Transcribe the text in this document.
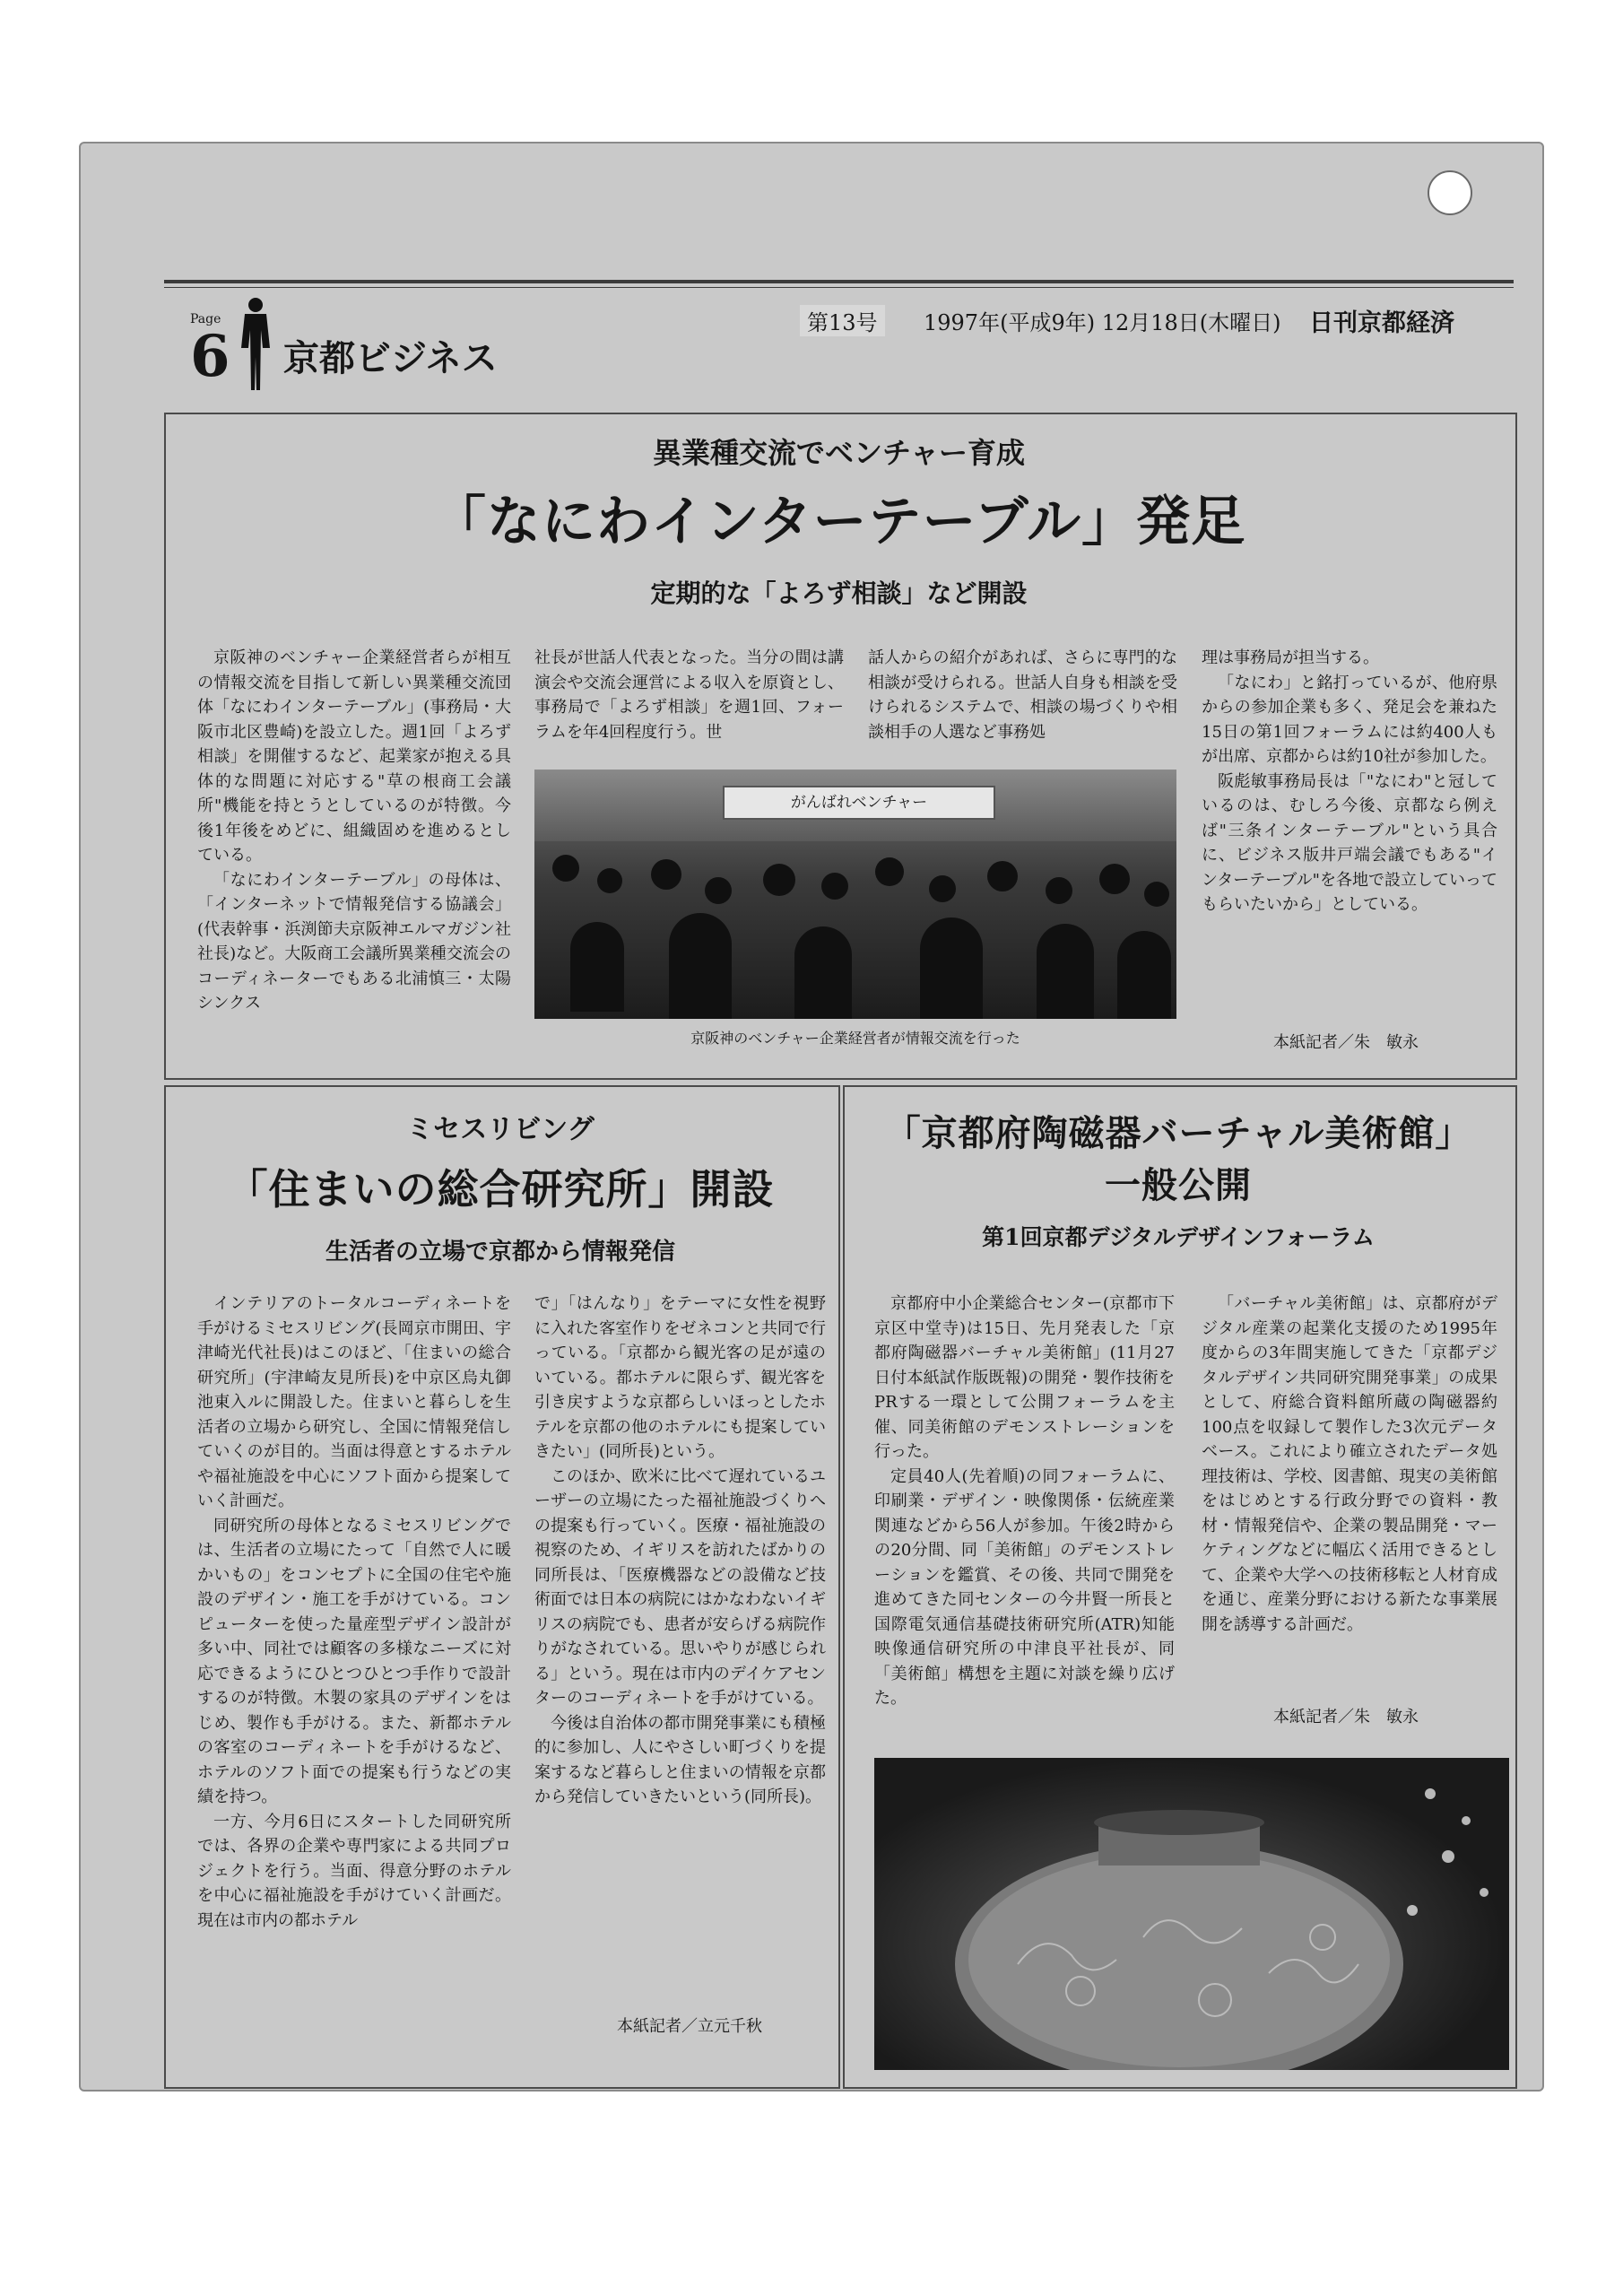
Page
6 京都ビジネス
第13号	1997年(平成9年) 12月18日(木曜日) 日刊京都経済
異業種交流でベンチャー育成
「なにわインターテーブル」発足
定期的な「よろず相談」など開設

京阪神のベンチャー企業経営者らが相互の情報交流を目指して新しい異業種交流団体「なにわインターテーブル」(事務局・大阪市北区豊崎)を設立した。週1回「よろず相談」を開催するなど、起業家が抱える具体的な問題に対応する"草の根商工会議所"機能を持とうとしているのが特徴。今後1年後をめどに、組織固めを進めるとしている。

「なにわインターテーブル」の母体は、「インターネットで情報発信する協議会」(代表幹事・浜渕節夫京阪神エルマガジン社社長)など。大阪商工会議所異業種交流会のコーディネーターでもある北浦慎三・太陽シンクス

社長が世話人代表となった。当分の間は講演会や交流会運営による収入を原資とし、事務局で「よろず相談」を週1回、フォーラムを年4回程度行う。世

話人からの紹介があれば、さらに専門的な相談が受けられる。世話人自身も相談を受けられるシステムで、相談の場づくりや相談相手の人選など事務処

理は事務局が担当する。

「なにわ」と銘打っているが、他府県からの参加企業も多く、発足会を兼ねた15日の第1回フォーラムには約400人もが出席、京都からは約10社が参加した。

阪彪敏事務局長は「"なにわ"と冠しているのは、むしろ今後、京都なら例えば"三条インターテーブル"という具合に、ビジネス版井戸端会議でもある"インターテーブル"を各地で設立していってもらいたいから」としている。

がんばれベンチャー
京阪神のベンチャー企業経営者が情報交流を行った	本紙記者／朱　敏永
ミセスリビング
「住まいの総合研究所」開設
生活者の立場で京都から情報発信

インテリアのトータルコーディネートを手がけるミセスリビング(長岡京市開田、宇津崎光代社長)はこのほど、「住まいの総合研究所」(宇津崎友見所長)を中京区烏丸御池東入ルに開設した。住まいと暮らしを生活者の立場から研究し、全国に情報発信していくのが目的。当面は得意とするホテルや福祉施設を中心にソフト面から提案していく計画だ。

同研究所の母体となるミセスリビングでは、生活者の立場にたって「自然で人に暖かいもの」をコンセプトに全国の住宅や施設のデザイン・施工を手がけている。コンピューターを使った量産型デザイン設計が多い中、同社では顧客の多様なニーズに対応できるようにひとつひとつ手作りで設計するのが特徴。木製の家具のデザインをはじめ、製作も手がける。また、新都ホテルの客室のコーディネートを手がけるなど、ホテルのソフト面での提案も行うなどの実績を持つ。

一方、今月6日にスタートした同研究所では、各界の企業や専門家による共同プロジェクトを行う。当面、得意分野のホテルを中心に福祉施設を手がけていく計画だ。現在は市内の都ホテル

で」「はんなり」をテーマに女性を視野に入れた客室作りをゼネコンと共同で行っている。「京都から観光客の足が遠のいている。都ホテルに限らず、観光客を引き戻すような京都らしいほっとしたホテルを京都の他のホテルにも提案していきたい」(同所長)という。

このほか、欧米に比べて遅れているユーザーの立場にたった福祉施設づくりへの提案も行っていく。医療・福祉施設の視察のため、イギリスを訪れたばかりの同所長は、「医療機器などの設備など技術面では日本の病院にはかなわないイギリスの病院でも、患者が安らげる病院作りがなされている。思いやりが感じられる」という。現在は市内のデイケアセンターのコーディネートを手がけている。

今後は自治体の都市開発事業にも積極的に参加し、人にやさしい町づくりを提案するなど暮らしと住まいの情報を京都から発信していきたいという(同所長)。

本紙記者／立元千秋
「京都府陶磁器バーチャル美術館」
一般公開
第1回京都デジタルデザインフォーラム

京都府中小企業総合センター(京都市下京区中堂寺)は15日、先月発表した「京都府陶磁器バーチャル美術館」(11月27日付本紙試作版既報)の開発・製作技術をPRする一環として公開フォーラムを主催、同美術館のデモンストレーションを行った。

定員40人(先着順)の同フォーラムに、印刷業・デザイン・映像関係・伝統産業関連などから56人が参加。午後2時からの20分間、同「美術館」のデモンストレーションを鑑賞、その後、共同で開発を進めてきた同センターの今井賢一所長と国際電気通信基礎技術研究所(ATR)知能映像通信研究所の中津良平社長が、同「美術館」構想を主題に対談を繰り広げた。

「バーチャル美術館」は、京都府がデジタル産業の起業化支援のため1995年度からの3年間実施してきた「京都デジタルデザイン共同研究開発事業」の成果として、府総合資料館所蔵の陶磁器約100点を収録して製作した3次元データベース。これにより確立されたデータ処理技術は、学校、図書館、現実の美術館をはじめとする行政分野での資料・教材・情報発信や、企業の製品開発・マーケティングなどに幅広く活用できるとして、企業や大学への技術移転と人材育成を通じ、産業分野における新たな事業展開を誘導する計画だ。

本紙記者／朱　敏永
